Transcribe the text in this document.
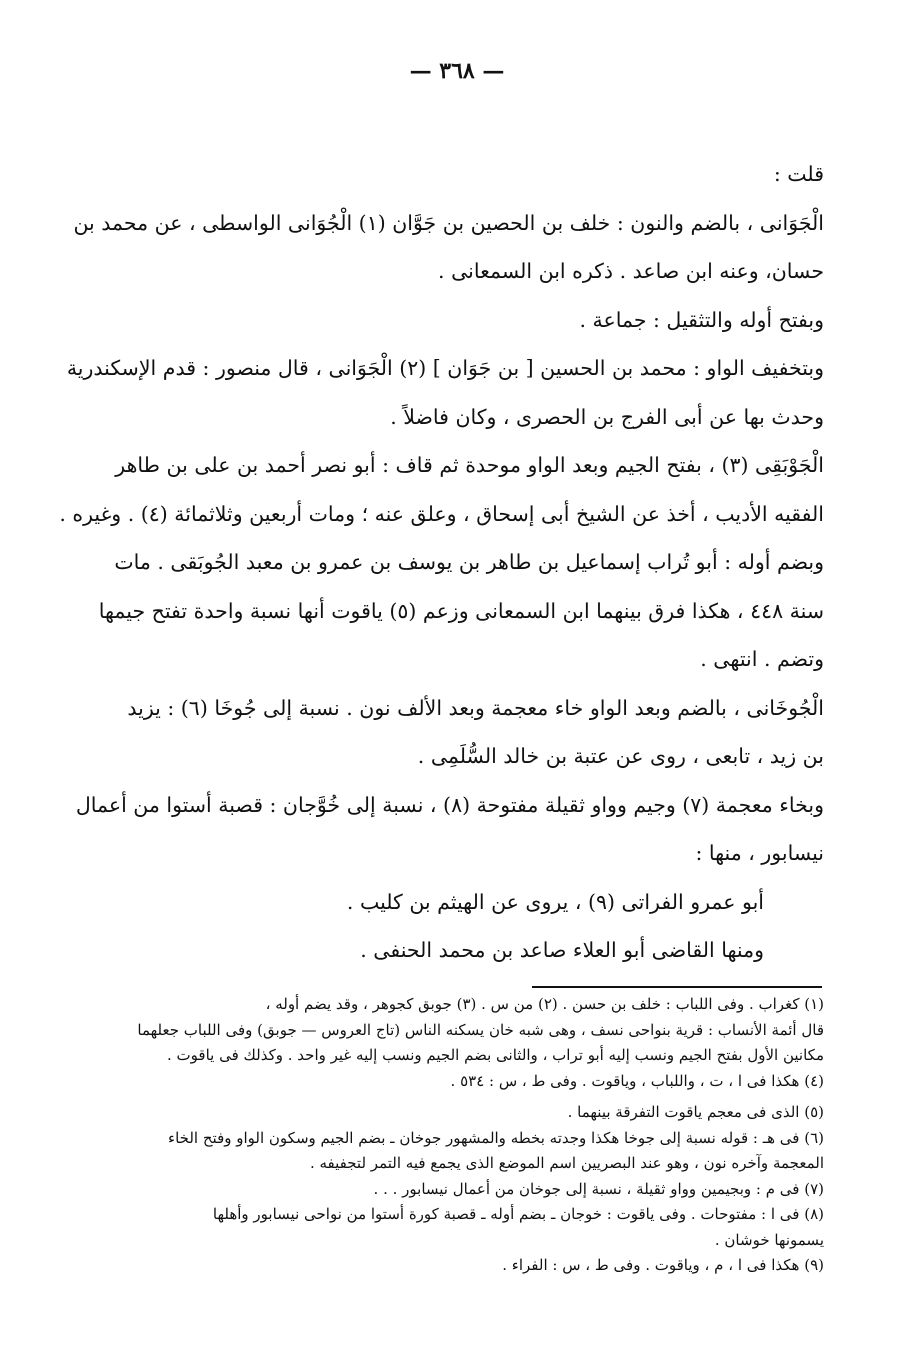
— ٣٦٨ —
قلت :
الْجَوَانى ، بالضم والنون : خلف بن الحصين بن جَوَّان (١) الْجُوَانى الواسطى ، عن محمد بن
حسان، وعنه ابن صاعد . ذكره ابن السمعانى .
وبفتح أوله والتثقيل : جماعة .
وبتخفيف الواو : محمد بن الحسين [ بن جَوَان ] (٢) الْجَوَانى ، قال منصور : قدم الإسكندرية
وحدث بها عن أبى الفرج بن الحصرى ، وكان فاضلاً .
الْجَوْبَقِى (٣) ، بفتح الجيم وبعد الواو موحدة ثم قاف : أبو نصر أحمد بن على بن طاهر
الفقيه الأديب ، أخذ عن الشيخ أبى إسحاق ، وعلق عنه ؛ ومات أربعين وثلاثمائة (٤) . وغيره .
وبضم أوله : أبو تُراب إسماعيل بن طاهر بن يوسف بن عمرو بن معبد الجُوبَقى . مات
سنة ٤٤٨ ، هكذا فرق بينهما ابن السمعانى وزعم (٥) ياقوت أنها نسبة واحدة تفتح جيمها
وتضم . انتهى .
الْجُوخَانى ، بالضم وبعد الواو خاء معجمة وبعد الألف نون . نسبة إلى جُوخَا (٦) : يزيد
بن زيد ، تابعى ، روى عن عتبة بن خالد السُّلَمِى .
وبخاء معجمة (٧) وجيم وواو ثقيلة مفتوحة (٨) ، نسبة إلى خُوَّجان : قصبة أستوا من أعمال
نيسابور ، منها :
أبو عمرو الفراتى (٩) ، يروى عن الهيثم بن كليب .
ومنها القاضى أبو العلاء صاعد بن محمد الحنفى .
(١) كغراب . وفى اللباب : خلف بن حسن . (٢) من س . (٣) جوبق كجوهر ، وقد يضم أوله ،
قال أئمة الأنساب : قرية بنواحى نسف ، وهى شبه خان يسكنه الناس (تاج العروس — جوبق) وفى اللباب جعلهما
مكانين الأول بفتح الجيم ونسب إليه أبو تراب ، والثانى بضم الجيم ونسب إليه غير واحد . وكذلك فى ياقوت .
(٤) هكذا فى ا ، ت ، واللباب ، وياقوت . وفى ط ، س : ٥٣٤ .
(٥) الذى فى معجم ياقوت التفرقة بينهما .
(٦) فى هـ : قوله نسبة إلى جوخا هكذا وجدته بخطه والمشهور جوخان ـ بضم الجيم وسكون الواو وفتح الخاء
المعجمة وآخره نون ، وهو عند البصريين اسم الموضع الذى يجمع فيه التمر لتجفيفه .
(٧) فى م : وبجيمين وواو ثقيلة ، نسبة إلى جوخان من أعمال نيسابور . . .
(٨) فى ا : مفتوحات . وفى ياقوت : خوجان ـ بضم أوله ـ قصبة كورة أستوا من نواحى نيسابور وأهلها
يسمونها خوشان .
(٩) هكذا فى ا ، م ، وياقوت . وفى ط ، س : الفراء .
